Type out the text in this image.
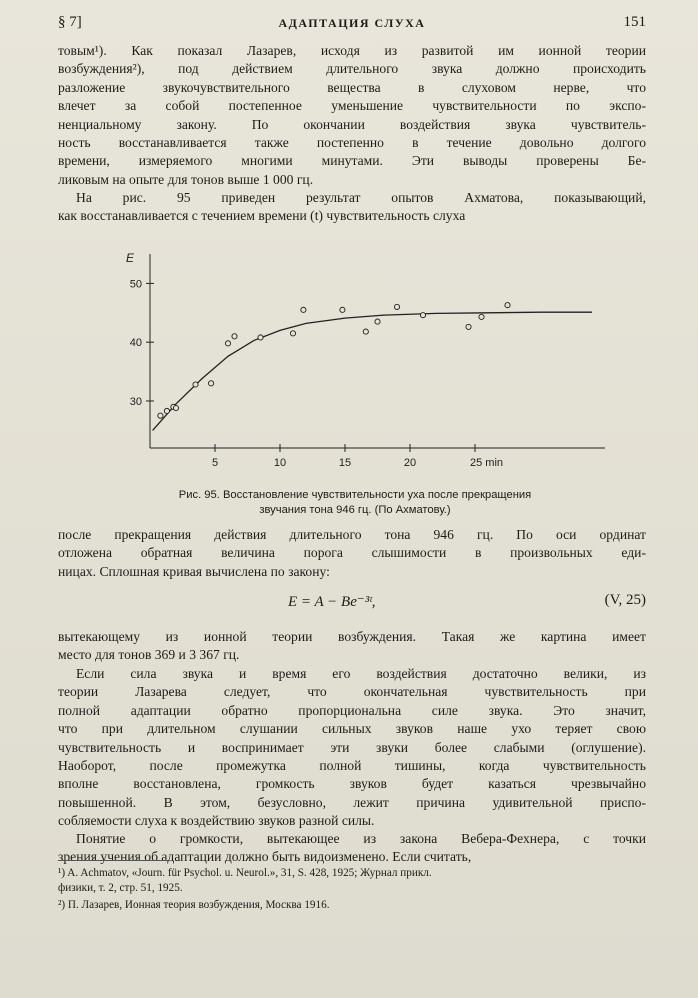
§ 7]	АДАПТАЦИЯ СЛУХА	151

товым¹). Как показал Лазарев, исходя из развитой им ионной теории
возбуждения²), под действием длительного звука должно происходить
разложение звукочувствительного вещества в слуховом нерве, что
влечет за собой постепенное уменьшение чувствительности по экспо-
ненциальному закону. По окончании воздействия звука чувствитель-
ность восстанавливается также постепенно в течение довольно долгого
времени, измеряемого многими минутами. Эти выводы проверены Бе-
ликовым на опыте для тонов выше 1 000 гц.

На рис. 95 приведен результат опытов Ахматова, показывающий,
как восстанавливается с течением времени (t) чувствительность слуха

5	10	15	20	25 min
30
40
50
E
Рис. 95. Восстановление чувствительности уха после прекращения
звучания тона 946 гц. (По Ахматову.)

после прекращения действия длительного тона 946 гц. По оси ординат
отложена обратная величина порога слышимости в произвольных еди-
ницах. Сплошная кривая вычислена по закону:

E = A − Be⁻³ᵗ,	(V, 25)

вытекающему из ионной теории возбуждения. Такая же картина имеет
место для тонов 369 и 3 367 гц.

Если сила звука и время его воздействия достаточно велики, из
теории Лазарева следует, что окончательная чувствительность при
полной адаптации обратно пропорциональна силе звука. Это значит,
что при длительном слушании сильных звуков наше ухо теряет свою
чувствительность и воспринимает эти звуки более слабыми (оглушение).
Наоборот, после промежутка полной тишины, когда чувствительность
вполне восстановлена, громкость звуков будет казаться чрезвычайно
повышенной. В этом, безусловно, лежит причина удивительной приспо-
собляемости слуха к воздействию звуков разной силы.

Понятие о громкости, вытекающее из закона Вебера-Фехнера, с точки
зрения учения об адаптации должно быть видоизменено. Если считать,

¹) A. Achmatov, «Journ. für Psychol. u. Neurol.», 31, S. 428, 1925; Журнал прикл.
физики, т. 2, стр. 51, 1925.
²) П. Лазарев, Ионная теория возбуждения, Москва 1916.
